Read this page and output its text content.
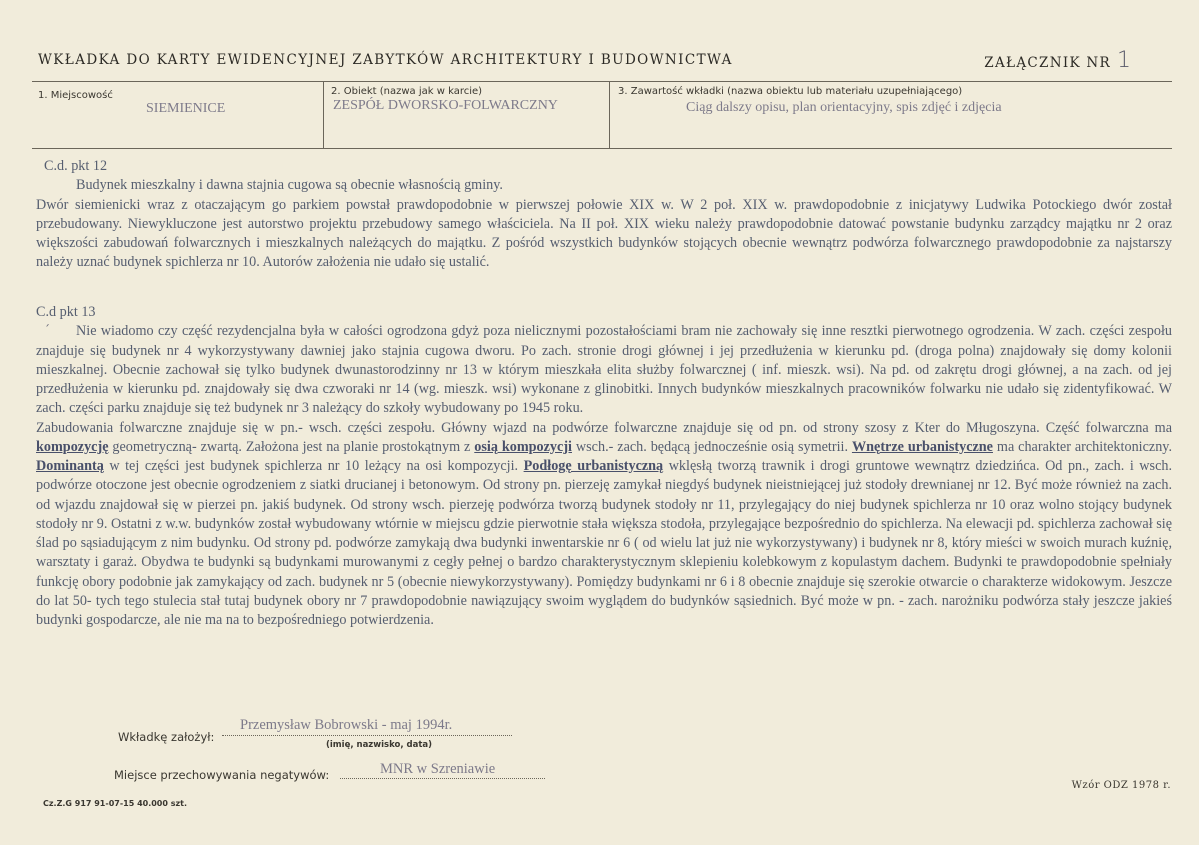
WKŁADKA DO KARTY EWIDENCYJNEJ ZABYTKÓW ARCHITEKTURY I BUDOWNICTWA	ZAŁĄCZNIK NR 1
1. Miejscowość
SIEMIENICE
2. Obiekt (nazwa jak w karcie)
ZESPÓŁ DWORSKO-FOLWARCZNY
3. Zawartość wkładki (nazwa obiektu lub materiału uzupełniającego)
Ciąg dalszy opisu, plan orientacyjny, spis zdjęć i zdjęcia

C.d. pkt 12

Budynek mieszkalny i dawna stajnia cugowa są obecnie własnością gminy.

Dwór siemienicki wraz z otaczającym go parkiem powstał prawdopodobnie w pierwszej połowie XIX w. W 2 poł. XIX w. prawdopodobnie z inicjatywy Ludwika Potockiego dwór został przebudowany. Niewykluczone jest autorstwo projektu przebudowy samego właściciela. Na II poł. XIX wieku należy prawdopodobnie datować powstanie budynku zarządcy majątku nr 2 oraz większości zabudowań folwarcznych i mieszkalnych należących do majątku. Z pośród wszystkich budynków stojących obecnie wewnątrz podwórza folwarcznego prawdopodobnie za najstarszy należy uznać budynek spichlerza nr 10. Autorów założenia nie udało się ustalić.

´

C.d pkt 13

Nie wiadomo czy część rezydencjalna była w całości ogrodzona gdyż poza nielicznymi pozostałościami bram nie zachowały się inne resztki pierwotnego ogrodzenia. W zach. części zespołu znajduje się budynek nr 4 wykorzystywany dawniej jako stajnia cugowa dworu. Po zach. stronie drogi głównej i jej przedłużenia w kierunku pd. (droga polna) znajdowały się domy kolonii mieszkalnej. Obecnie zachował się tylko budynek dwunastorodzinny nr 13 w którym mieszkała elita służby folwarcznej ( inf. mieszk. wsi). Na pd. od zakrętu drogi głównej, a na zach. od jej przedłużenia w kierunku pd. znajdowały się dwa czworaki nr 14 (wg. mieszk. wsi) wykonane z glinobitki. Innych budynków mieszkalnych pracowników folwarku nie udało się zidentyfikować. W zach. części parku znajduje się też budynek nr 3 należący do szkoły wybudowany po 1945 roku.

Zabudowania folwarczne znajduje się w pn.- wsch. części zespołu. Główny wjazd na podwórze folwarczne znajduje się od pn. od strony szosy z Kter do Mługoszyna. Część folwarczna ma kompozycję geometryczną- zwartą. Założona jest na planie prostokątnym z osią kompozycji wsch.- zach. będącą jednocześnie osią symetrii. Wnętrze urbanistyczne ma charakter architektoniczny. Dominantą w tej części jest budynek spichlerza nr 10 leżący na osi kompozycji. Podłogę urbanistyczną wklęsłą tworzą trawnik i drogi gruntowe wewnątrz dziedzińca. Od pn., zach. i wsch. podwórze otoczone jest obecnie ogrodzeniem z siatki drucianej i betonowym. Od strony pn. pierzeję zamykał niegdyś budynek nieistniejącej już stodoły drewnianej nr 12. Być może również na zach. od wjazdu znajdował się w pierzei pn. jakiś budynek. Od strony wsch. pierzeję podwórza tworzą budynek stodoły nr 11, przylegający do niej budynek spichlerza nr 10 oraz wolno stojący budynek stodoły nr 9. Ostatni z w.w. budynków został wybudowany wtórnie w miejscu gdzie pierwotnie stała większa stodoła, przylegające bezpośrednio do spichlerza. Na elewacji pd. spichlerza zachował się ślad po sąsiadującym z nim budynku. Od strony pd. podwórze zamykają dwa budynki inwentarskie nr 6 ( od wielu lat już nie wykorzystywany) i budynek nr 8, który mieści w swoich murach kuźnię, warsztaty i garaż. Obydwa te budynki są budynkami murowanymi z cegły pełnej o bardzo charakterystycznym sklepieniu kolebkowym z kopulastym dachem. Budynki te prawdopodobnie spełniały funkcję obory podobnie jak zamykający od zach. budynek nr 5 (obecnie niewykorzystywany). Pomiędzy budynkami nr 6 i 8 obecnie znajduje się szerokie otwarcie o charakterze widokowym. Jeszcze do lat 50- tych tego stulecia stał tutaj budynek obory nr 7 prawdopodobnie nawiązujący swoim wyglądem do budynków sąsiednich. Być może w pn. - zach. narożniku podwórza stały jeszcze jakieś budynki gospodarcze, ale nie ma na to bezpośredniego potwierdzenia.

Wkładkę założył:
Przemysław Bobrowski - maj 1994r.
(imię, nazwisko, data)
Miejsce przechowywania negatywów:	MNR w Szreniawie
Cz.Z.G 917 91-07-15 40.000 szt.
Wzór ODZ 1978 r.
